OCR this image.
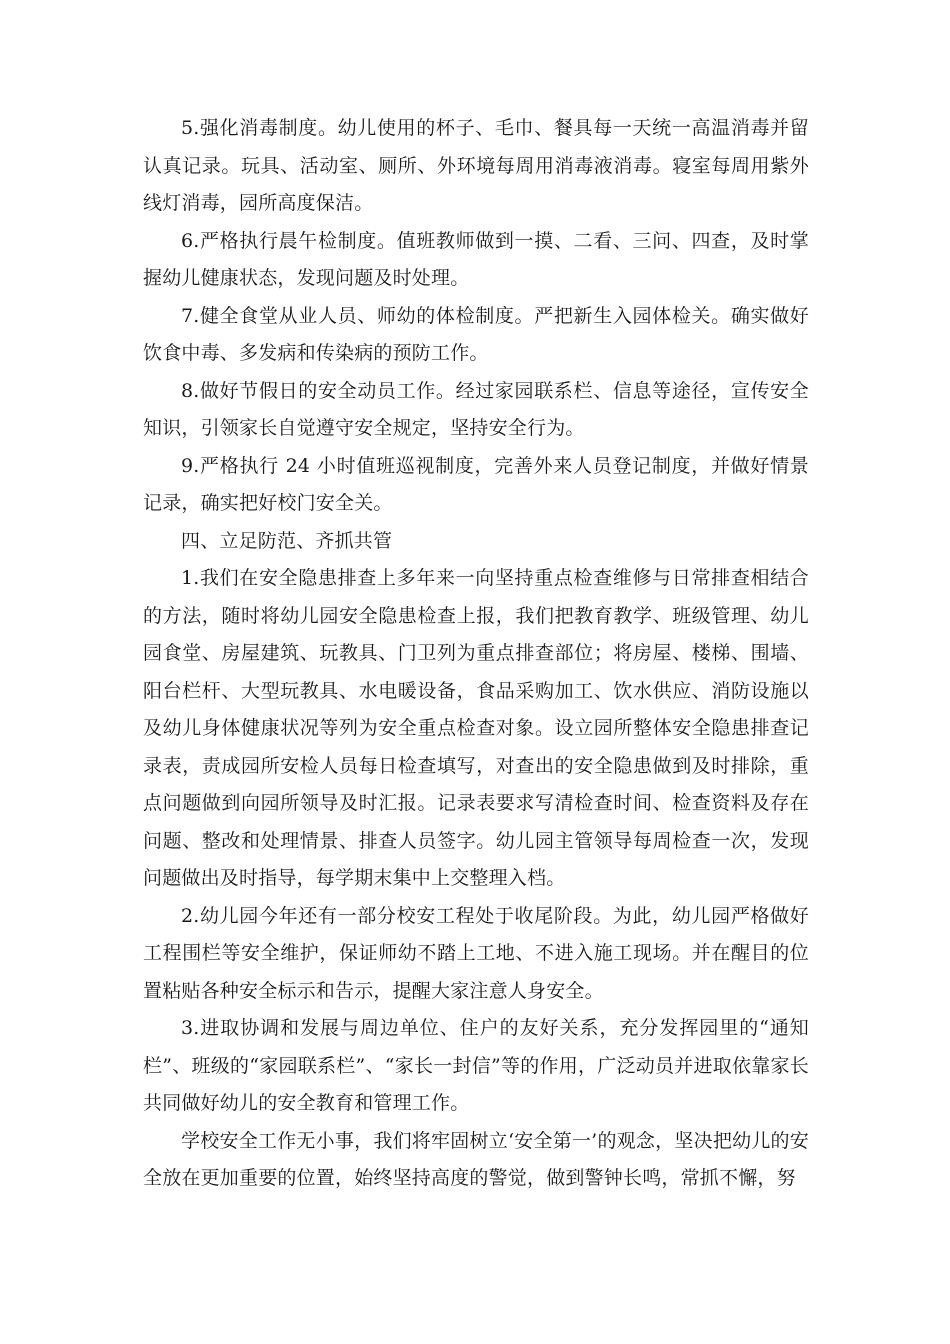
5.强化消毒制度。幼儿使用的杯子、毛巾、餐具每一天统一高温消毒并留认真记录。玩具、活动室、厕所、外环境每周用消毒液消毒。寝室每周用紫外线灯消毒，园所高度保洁。

6.严格执行晨午检制度。值班教师做到一摸、二看、三问、四查，及时掌握幼儿健康状态，发现问题及时处理。

7.健全食堂从业人员、师幼的体检制度。严把新生入园体检关。确实做好饮食中毒、多发病和传染病的预防工作。

8.做好节假日的安全动员工作。经过家园联系栏、信息等途径，宣传安全知识，引领家长自觉遵守安全规定，坚持安全行为。

9.严格执行 24 小时值班巡视制度，完善外来人员登记制度，并做好情景记录，确实把好校门安全关。

四、立足防范、齐抓共管

1.我们在安全隐患排查上多年来一向坚持重点检查维修与日常排查相结合的方法，随时将幼儿园安全隐患检查上报，我们把教育教学、班级管理、幼儿园食堂、房屋建筑、玩教具、门卫列为重点排查部位；将房屋、楼梯、围墙、阳台栏杆、大型玩教具、水电暖设备，食品采购加工、饮水供应、消防设施以及幼儿身体健康状况等列为安全重点检查对象。设立园所整体安全隐患排查记录表，责成园所安检人员每日检查填写，对查出的安全隐患做到及时排除，重点问题做到向园所领导及时汇报。记录表要求写清检查时间、检查资料及存在问题、整改和处理情景、排查人员签字。幼儿园主管领导每周检查一次，发现问题做出及时指导，每学期末集中上交整理入档。

2.幼儿园今年还有一部分校安工程处于收尾阶段。为此，幼儿园严格做好工程围栏等安全维护，保证师幼不踏上工地、不进入施工现场。并在醒目的位置粘贴各种安全标示和告示，提醒大家注意人身安全。

3.进取协调和发展与周边单位、住户的友好关系，充分发挥园里的“通知栏”、班级的“家园联系栏”、“家长一封信”等的作用，广泛动员并进取依靠家长共同做好幼儿的安全教育和管理工作。

学校安全工作无小事，我们将牢固树立‘安全第一’的观念，坚决把幼儿的安全放在更加重要的位置，始终坚持高度的警觉，做到警钟长鸣，常抓不懈，努
